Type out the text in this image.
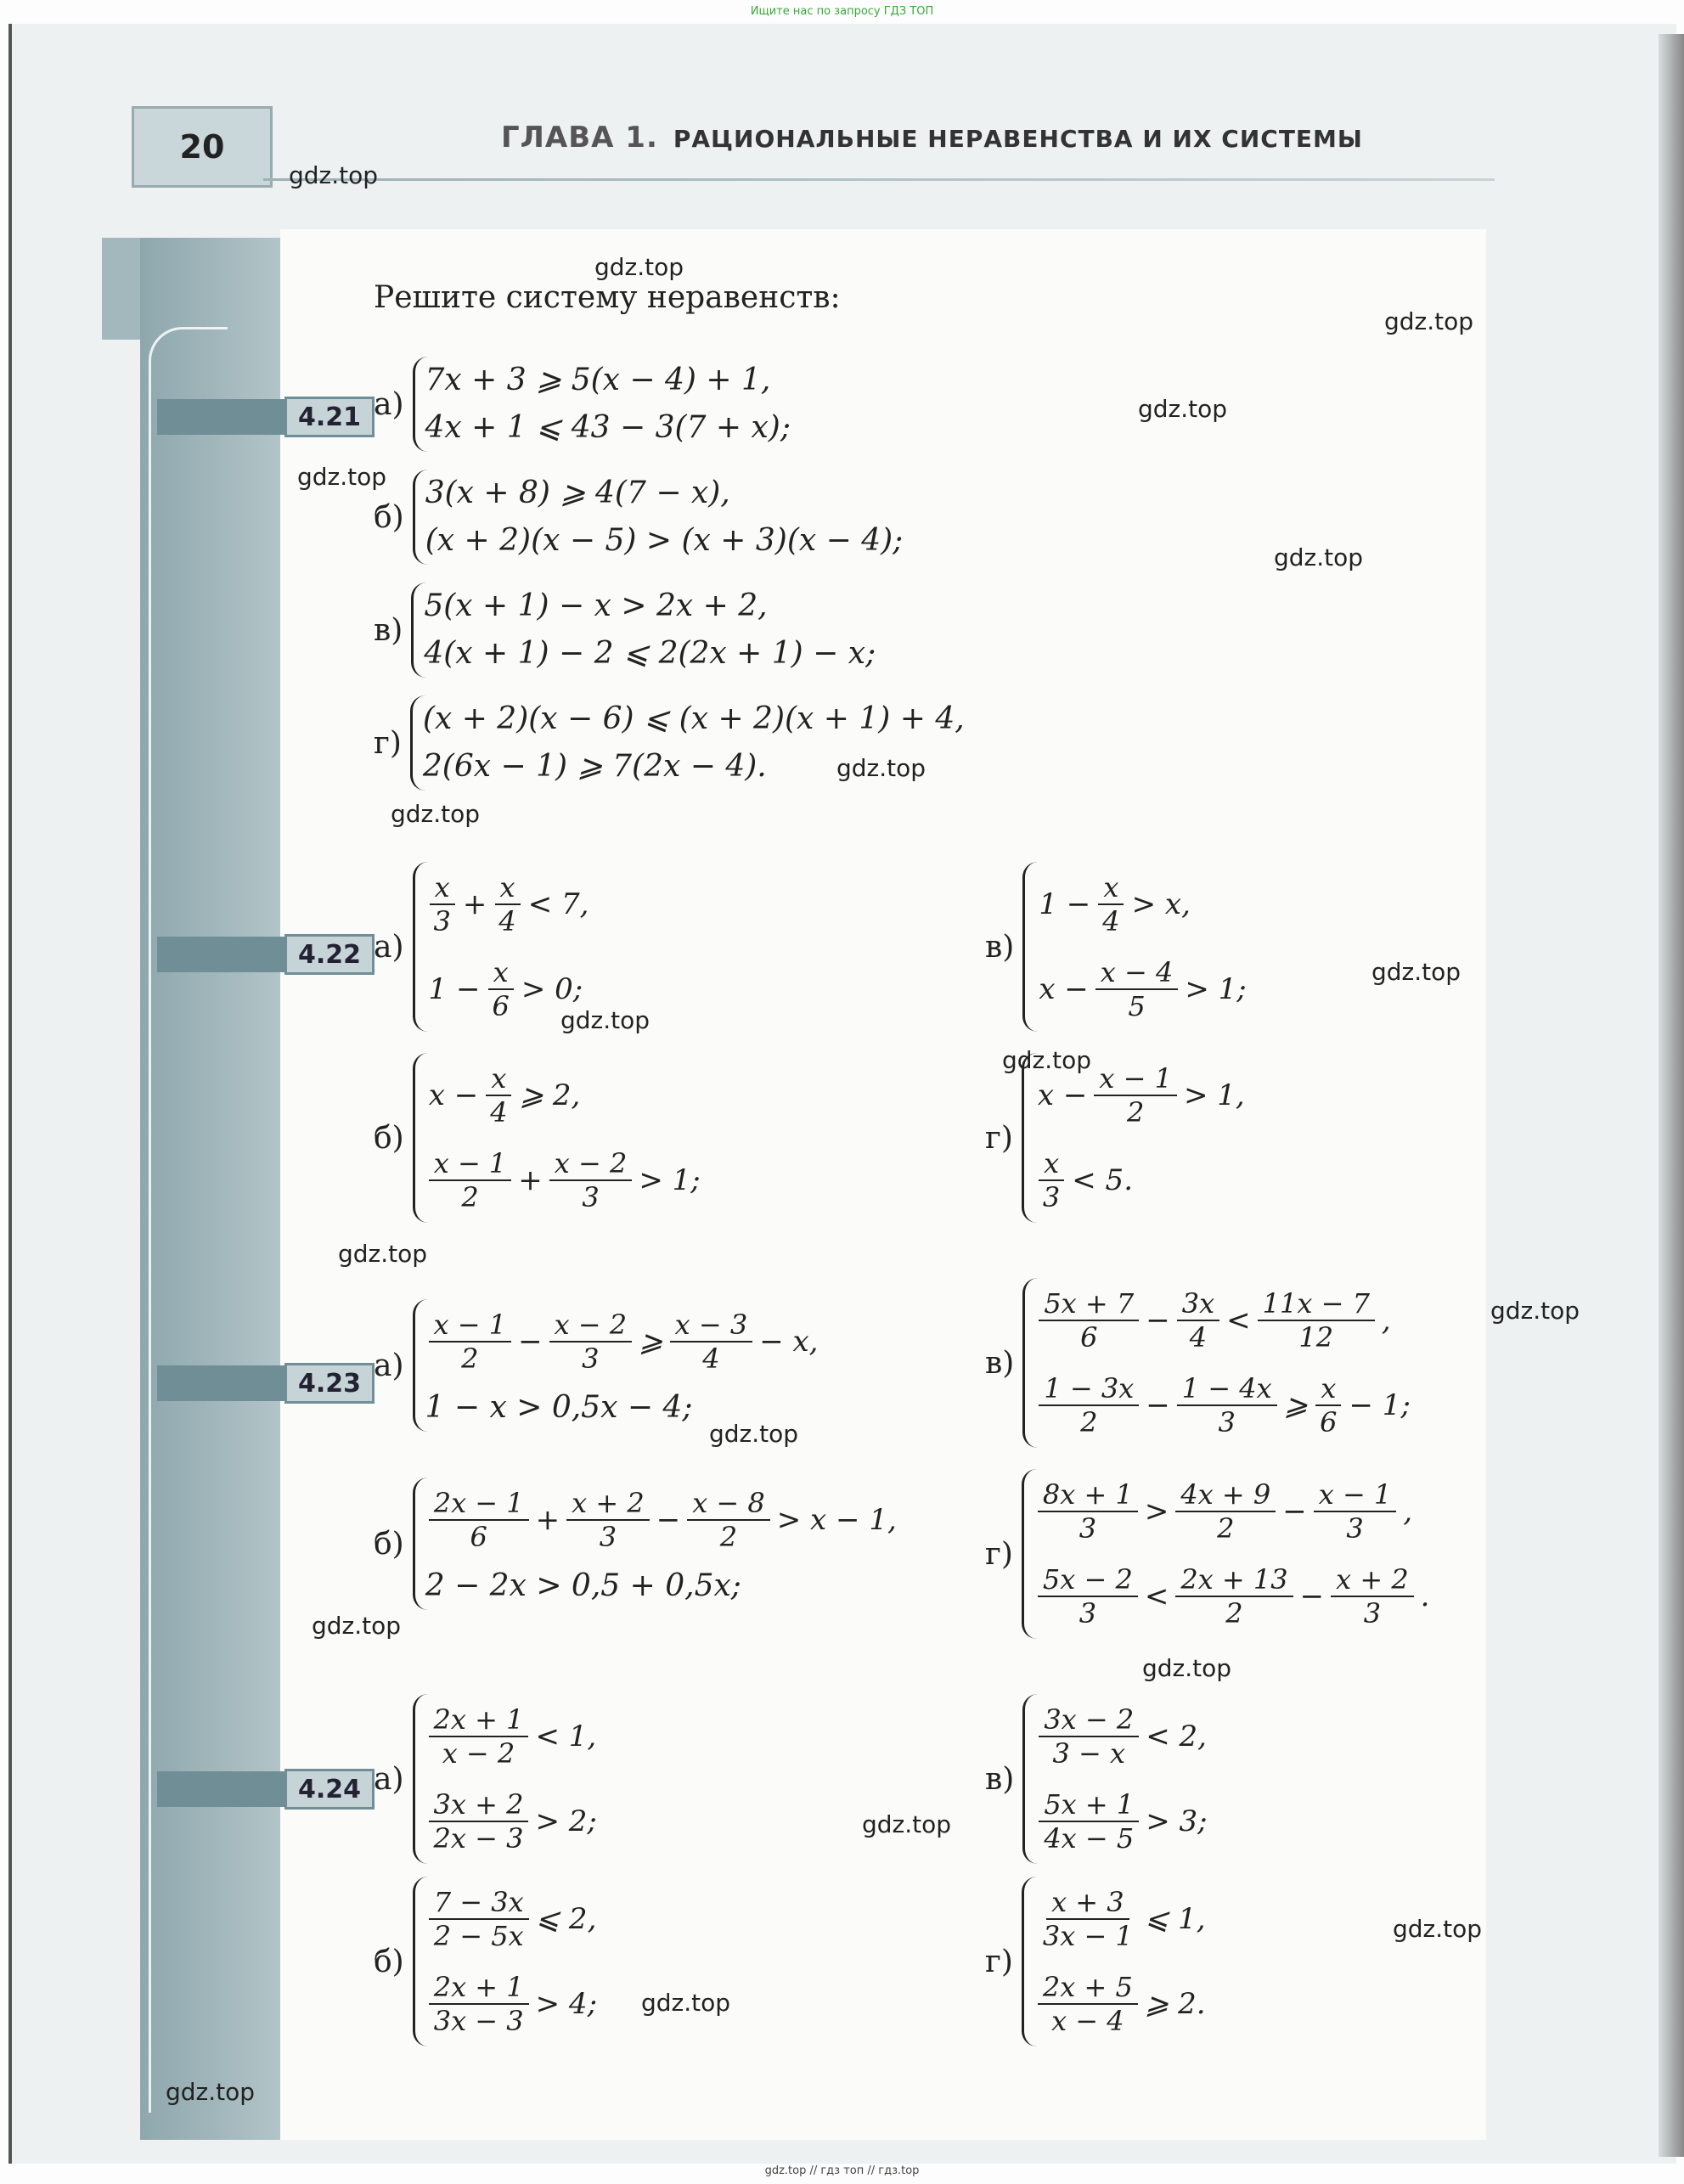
Ищите нас по запросу ГДЗ ТОП
20	ГЛАВА 1. РАЦИОНАЛЬНЫЕ НЕРАВЕНСТВА И ИХ СИСТЕМЫ
Решите систему неравенств:
4.21 а)
7x + 3 ⩾ 5(x − 4) + 1,
4x + 1 ⩽ 43 − 3(7 + x);
б)
3(x + 8) ⩾ 4(7 − x),
(x + 2)(x − 5) > (x + 3)(x − 4);
в)
5(x + 1) − x > 2x + 2,
4(x + 1) − 2 ⩽ 2(2x + 1) − x;
г)
(x + 2)(x − 6) ⩽ (x + 2)(x + 1) + 4,
2(6x − 1) ⩾ 7(2x − 4).
4.22 а)
$\frac{x}{3} + \frac{x}{4} < 7$,
$1 - \frac{x}{6} > 0$;
б)
$x - \frac{x}{4}$ ⩾ 2,
$\frac{x - 1}{2} + \frac{x - 2}{3} > 1$;
в)
$1 - \frac{x}{4} > x$,
$x - \frac{x - 4}{5} > 1$;
г)
$x - \frac{x - 1}{2} > 1$,
$\frac{x}{3} < 5$.
4.23
$а) \frac{x - 1}{2} - \frac{x - 2}{3}$ ⩾ $\frac{x - 3}{4} - x$,
1 − x > 0,5x − 4;
$б) \frac{2x - 1}{6} + \frac{x + 2}{3} - \frac{x - 8}{2} > x - 1$,
2 − 2x > 0,5 + 0,5x;
в)
$\frac{5x + 7}{6} - \frac{3x}{4} < \frac{11x - 7}{12}$ ,
$\frac{1 - 3x}{2} - \frac{1 - 4x}{3}$ ⩾ $\frac{x}{6} - 1$;
г)
$\frac{8x + 1}{3} > \frac{4x + 9}{2} - \frac{x - 1}{3}$ ,
$\frac{5x - 2}{3} < \frac{2x + 13}{2} - \frac{x + 2}{3}$ .
4.24 а)
$\frac{2x + 1}{x - 2} < 1$,
$\frac{3x + 2}{2x - 3} > 2$;
б)
$\frac{7 - 3x}{2 - 5x}$ ⩽ 2,
$\frac{2x + 1}{3x - 3} > 4$;
в)
$\frac{3x - 2}{3 - x} < 2$,
$\frac{5x + 1}{4x - 5} > 3$;
г)
$\frac{x + 3}{3x - 1}$ ⩽ 1,
$\frac{2x + 5}{x - 4}$ ⩾ 2.
gdz.top
gdz.top
gdz.top
gdz.top
gdz.top
gdz.top
gdz.top
gdz.top
gdz.top
gdz.top
gdz.top
gdz.top
gdz.top
gdz.top
gdz.top
gdz.top
gdz.top
gdz.top
gdz.top
gdz.top
gdz.top // гдз топ // гдз.top
